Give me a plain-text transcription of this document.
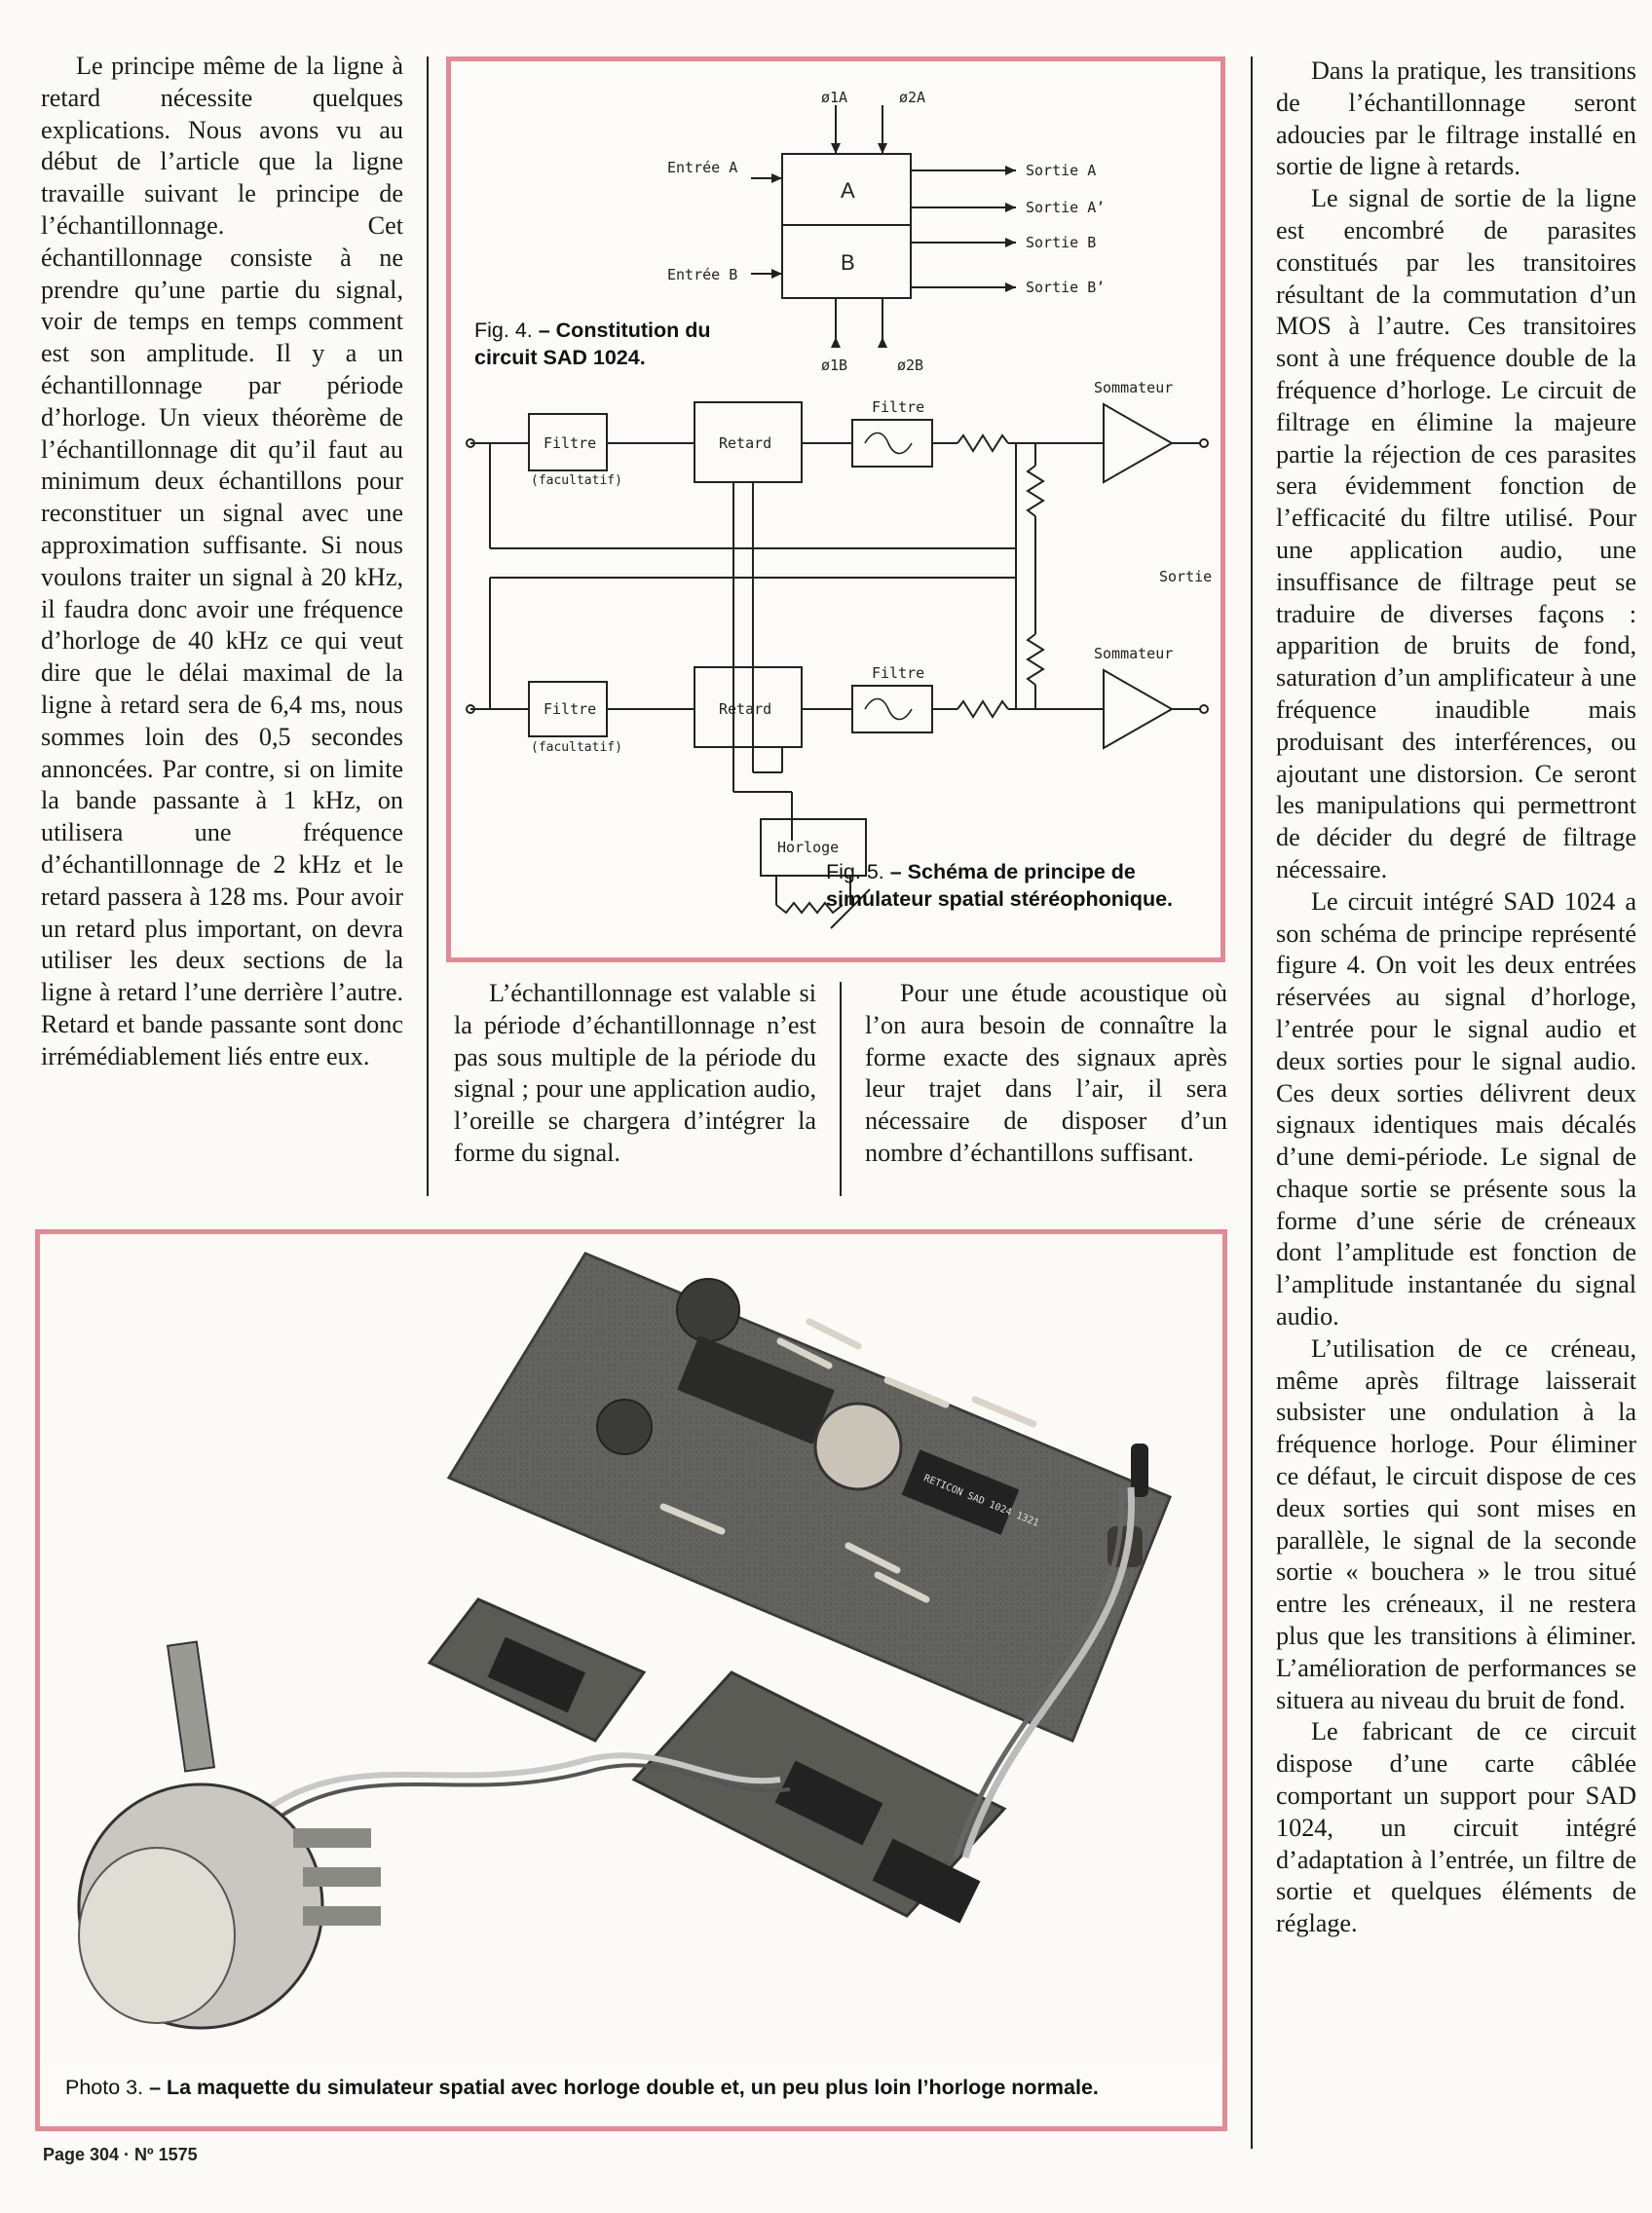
Le principe même de la ligne à retard nécessite quelques explications. Nous avons vu au début de l’article que la ligne travaille suivant le principe de l’échantillonnage. Cet échantillonnage consiste à ne prendre qu’une partie du signal, voir de temps en temps comment est son amplitude. Il y a un échantillonnage par période d’horloge. Un vieux théorème de l’échantillonnage dit qu’il faut au minimum deux échantillons pour reconstituer un signal avec une approximation suffisante. Si nous voulons traiter un signal à 20 kHz, il faudra donc avoir une fréquence d’horloge de 40 kHz ce qui veut dire que le délai maximal de la ligne à retard sera de 6,4 ms, nous sommes loin des 0,5 secondes annoncées. Par contre, si on limite la bande passante à 1 kHz, on utilisera une fréquence d’échantillonnage de 2 kHz et le retard passera à 128 ms. Pour avoir un retard plus important, on devra utiliser les deux sections de la ligne à retard l’une derrière l’autre. Retard et bande passante sont donc irrémédiablement liés entre eux.

ø1A	ø2A
ø1B	ø2B
Entrée A
Entrée B
A
B
Sortie A
Sortie A’
Sortie B
Sortie B’
Filtre
Filtre
Filtre
Filtre
(facultatif)
(facultatif)
Retard
Retard
Sommateur
Sommateur
Sortie
Horloge
Fig. 4. – Constitution du circuit SAD 1024.
Fig. 5. – Schéma de principe de simulateur spatial stéréophonique.

L’échantillonnage est valable si la période d’échantillonnage n’est pas sous multiple de la période du signal ; pour une application audio, l’oreille se chargera d’intégrer la forme du signal.

Pour une étude acoustique où l’on aura besoin de connaître la forme exacte des signaux après leur trajet dans l’air, il sera nécessaire de disposer d’un nombre d’échantillons suffisant.

RETICON SAD 1024 1321
Photo 3. – La maquette du simulateur spatial avec horloge double et, un peu plus loin l’horloge normale.

Dans la pratique, les transitions de l’échantillonnage seront adoucies par le filtrage installé en sortie de ligne à retards.

Le signal de sortie de la ligne est encombré de parasites constitués par les transitoires résultant de la commutation d’un MOS à l’autre. Ces transitoires sont à une fréquence double de la fréquence d’horloge. Le circuit de filtrage en élimine la majeure partie la réjection de ces parasites sera évidemment fonction de l’efficacité du filtre utilisé. Pour une application audio, une insuffisance de filtrage peut se traduire de diverses façons : apparition de bruits de fond, saturation d’un amplificateur à une fréquence inaudible mais produisant des interférences, ou ajoutant une distorsion. Ce seront les manipulations qui permettront de décider du degré de filtrage nécessaire.

Le circuit intégré SAD 1024 a son schéma de principe représenté figure 4. On voit les deux entrées réservées au signal d’horloge, l’entrée pour le signal audio et deux sorties pour le signal audio. Ces deux sorties délivrent deux signaux identiques mais décalés d’une demi-période. Le signal de chaque sortie se présente sous la forme d’une série de créneaux dont l’amplitude est fonction de l’amplitude instantanée du signal audio.

L’utilisation de ce créneau, même après filtrage laisserait subsister une ondulation à la fréquence horloge. Pour éliminer ce défaut, le circuit dispose de ces deux sorties qui sont mises en parallèle, le signal de la seconde sortie « bouchera » le trou situé entre les créneaux, il ne restera plus que les transitions à éliminer. L’amélioration de performances se situera au niveau du bruit de fond.

Le fabricant de ce circuit dispose d’une carte câblée comportant un support pour SAD 1024, un circuit intégré d’adaptation à l’entrée, un filtre de sortie et quelques éléments de réglage.

Page 304 · Nº 1575
